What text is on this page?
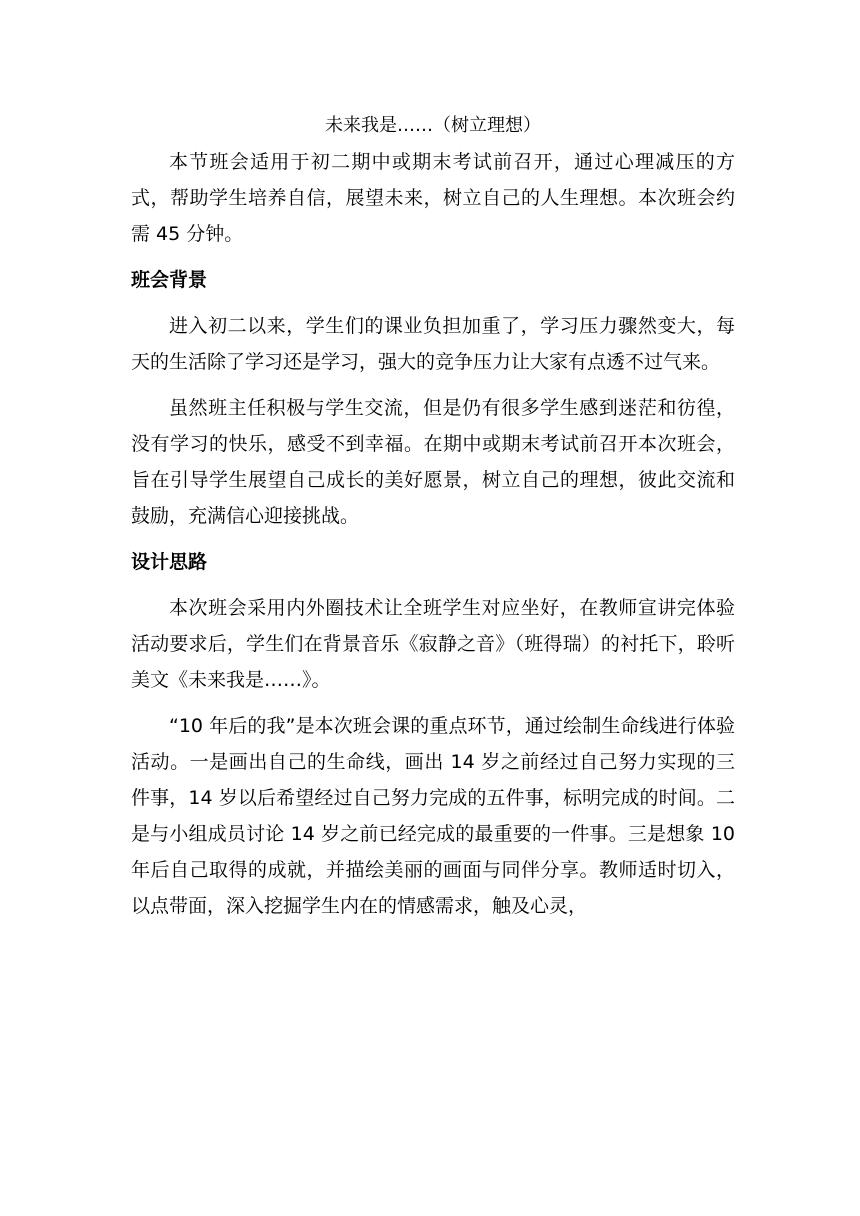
未来我是……（树立理想）

本节班会适用于初二期中或期末考试前召开，通过心理减压的方式，帮助学生培养自信，展望未来，树立自己的人生理想。本次班会约需 45 分钟。

班会背景

进入初二以来，学生们的课业负担加重了，学习压力骤然变大，每天的生活除了学习还是学习，强大的竞争压力让大家有点透不过气来。

虽然班主任积极与学生交流，但是仍有很多学生感到迷茫和彷徨，没有学习的快乐，感受不到幸福。在期中或期末考试前召开本次班会，旨在引导学生展望自己成长的美好愿景，树立自己的理想，彼此交流和鼓励，充满信心迎接挑战。

设计思路

本次班会采用内外圈技术让全班学生对应坐好，在教师宣讲完体验活动要求后，学生们在背景音乐《寂静之音》（班得瑞）的衬托下，聆听美文《未来我是……》。

“10 年后的我”是本次班会课的重点环节，通过绘制生命线进行体验活动。一是画出自己的生命线，画出 14 岁之前经过自己努力实现的三件事，14 岁以后希望经过自己努力完成的五件事，标明完成的时间。二是与小组成员讨论 14 岁之前已经完成的最重要的一件事。三是想象 10 年后自己取得的成就，并描绘美丽的画面与同伴分享。教师适时切入，以点带面，深入挖掘学生内在的情感需求，触及心灵，
